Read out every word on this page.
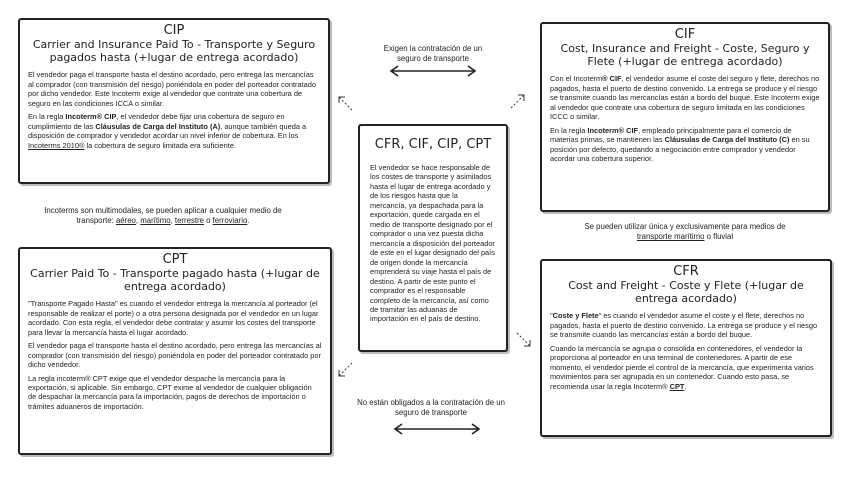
CIP
Carrier and Insurance Paid To - Transporte y Seguro pagados hasta (+lugar de entrega acordado)

El vendedor paga el transporte hasta el destino acordado, pero entrega las mercancías al comprador (con transmisión del riesgo) poniéndola en poder del porteador contratado por dicho vendedor. Este Incoterm exige al vendedor que contrate una cobertura de seguro en las condiciones ICCA o similar.

En la regla Incoterm® CIP, el vendedor debe fijar una cobertura de seguro en cumplimiento de las Cláusulas de Carga del Instituto (A), aunque también queda a disposición de comprador y vendedor acordar un nivel inferior de cobertura. En los Incoterms 2010® la cobertura de seguro limitada era suficiente.

CIF
Cost, Insurance and Freight - Coste, Seguro y Flete (+lugar de entrega acordado)

Con el Incoterm® CIF, el vendedor asume el coste del seguro y flete, derechos no pagados, hasta el puerto de destino convenido. La entrega se produce y el riesgo se transmite cuando las mercancías están a bordo del buque. Este Incoterm exige al vendedor que contrate una cobertura de seguro limitada en las condiciones ICCC o similar.

En la regla Incoterm® CIF, empleado principalmente para el comercio de materias primas, se mantienen las Cláusulas de Carga del Instituto (C) en su posición por defecto, quedando a negociación entre comprador y vendedor acordar una cobertura superior.

CFR, CIF, CIP, CPT

El vendedor se hace responsable de los costes de transporte y asimilados hasta el lugar de entrega acordado y de los riesgos hasta que la mercancía, ya despachada para la exportación, quede cargada en el medio de transporte designado por el comprador o una vez puesta dicha mercancía a disposición del porteador de este en el lugar designado del país de origen donde la mercancía emprenderá su viaje hasta el país de destino. A partir de este punto el comprador es el responsable completo de la mercancía, así como de tramitar las aduanas de importación en el país de destino.

CPT
Carrier Paid To - Transporte pagado hasta (+lugar de entrega acordado)

"Transporte Pagado Hasta" es cuando el vendedor entrega la mercancía al porteador (el responsable de realizar el porte) o a otra persona designada por el vendedor en un lugar acordado. Con esta regla, el vendedor debe contratar y asumir los costes del transporte para llevar la mercancía hasta el lugar acordado.

El vendedor paga el transporte hasta el destino acordado, pero entrega las mercancías al comprador (con transmisión del riesgo) poniéndola en poder del porteador contratado por dicho vendedor.

La regla incoterm® CPT exige que el vendedor despache la mercancía para la exportación, si aplicable. Sin embargo, CPT exime al vendedor de cualquier obligación de despachar la mercancía para la importación, pagos de derechos de importación o trámites aduaneros de importación.

CFR
Cost and Freight - Coste y Flete (+lugar de entrega acordado)

"Coste y Flete" es cuando el vendedor asume el coste y el flete, derechos no pagados, hasta el puerto de destino convenido. La entrega se produce y el riesgo se transmite cuando las mercancías están a bordo del buque.

Cuando la mercancía se agrupa o consolida en contenedores, el vendedor la proporciona al porteador en una terminal de contenedores. A partir de ese momento, el vendedor pierde el control de la mercancía, que experimenta varios movimientos para ser agrupada en un contenedor. Cuando esto pasa, se recomienda usar la regla Incoterm® CPT.

Exigen la contratación de un seguro de transporte
No están obligados a la contratación de un seguro de transporte
Incoterms son multimodales, se pueden aplicar a cualquier medio de transporte: aéreo, marítimo, terrestre o ferroviario.
Se pueden utilizar única y exclusivamente para medios de transporte marítimo o fluvial
